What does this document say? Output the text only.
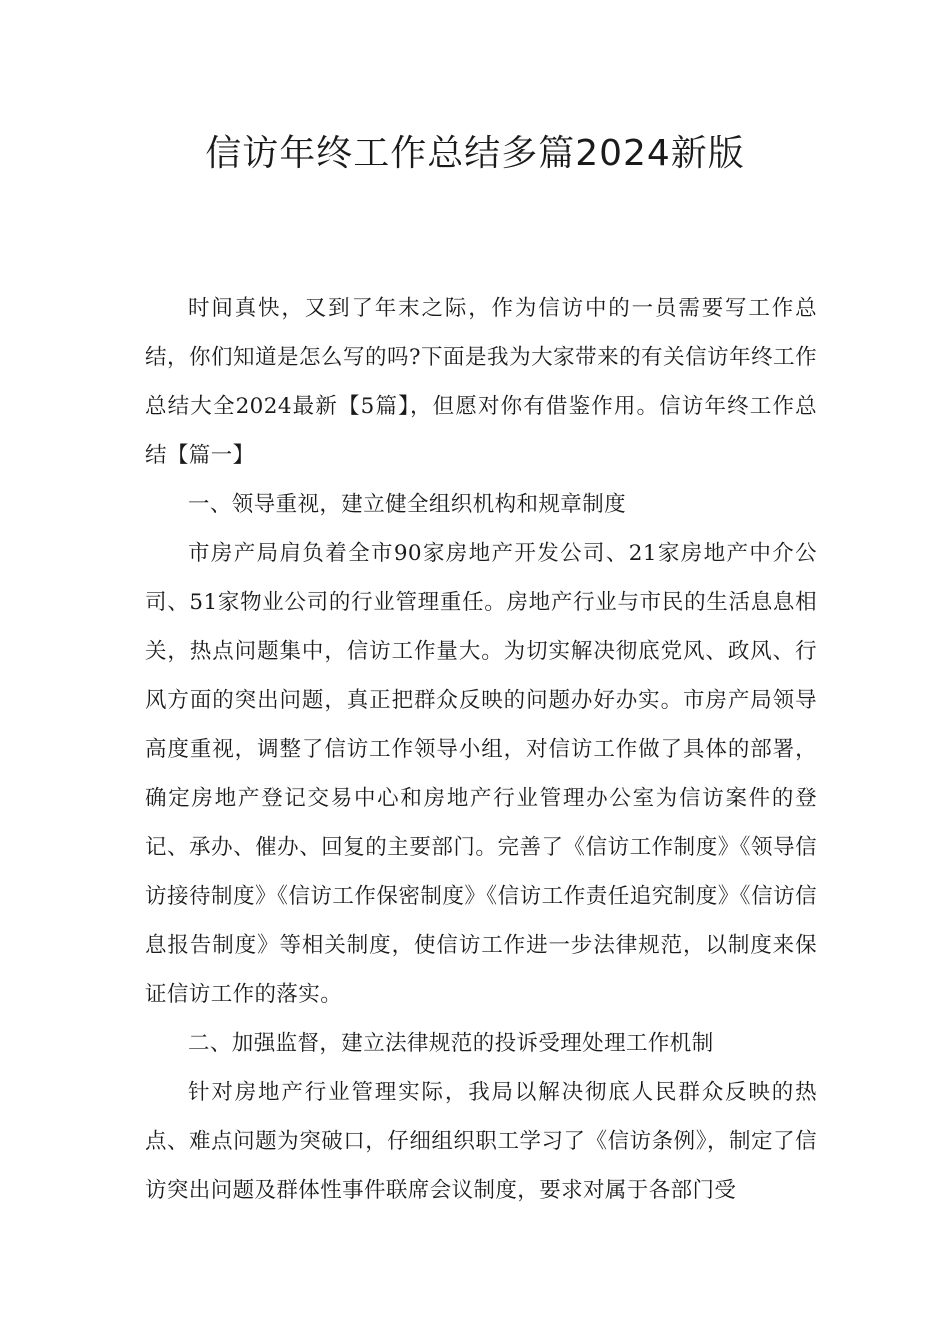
信访年终工作总结多篇2024新版

时间真快，又到了年末之际，作为信访中的一员需要写工作总结，你们知道是怎么写的吗?下面是我为大家带来的有关信访年终工作总结大全2024最新【5篇】，但愿对你有借鉴作用。信访年终工作总结【篇一】

一、领导重视，建立健全组织机构和规章制度

市房产局肩负着全市90家房地产开发公司、21家房地产中介公司、51家物业公司的行业管理重任。房地产行业与市民的生活息息相关，热点问题集中，信访工作量大。为切实解决彻底党风、政风、行风方面的突出问题，真正把群众反映的问题办好办实。市房产局领导高度重视，调整了信访工作领导小组，对信访工作做了具体的部署，确定房地产登记交易中心和房地产行业管理办公室为信访案件的登记、承办、催办、回复的主要部门。完善了《信访工作制度》《领导信访接待制度》《信访工作保密制度》《信访工作责任追究制度》《信访信息报告制度》等相关制度，使信访工作进一步法律规范，以制度来保证信访工作的落实。

二、加强监督，建立法律规范的投诉受理处理工作机制

针对房地产行业管理实际，我局以解决彻底人民群众反映的热点、难点问题为突破口，仔细组织职工学习了《信访条例》，制定了信访突出问题及群体性事件联席会议制度，要求对属于各部门受
